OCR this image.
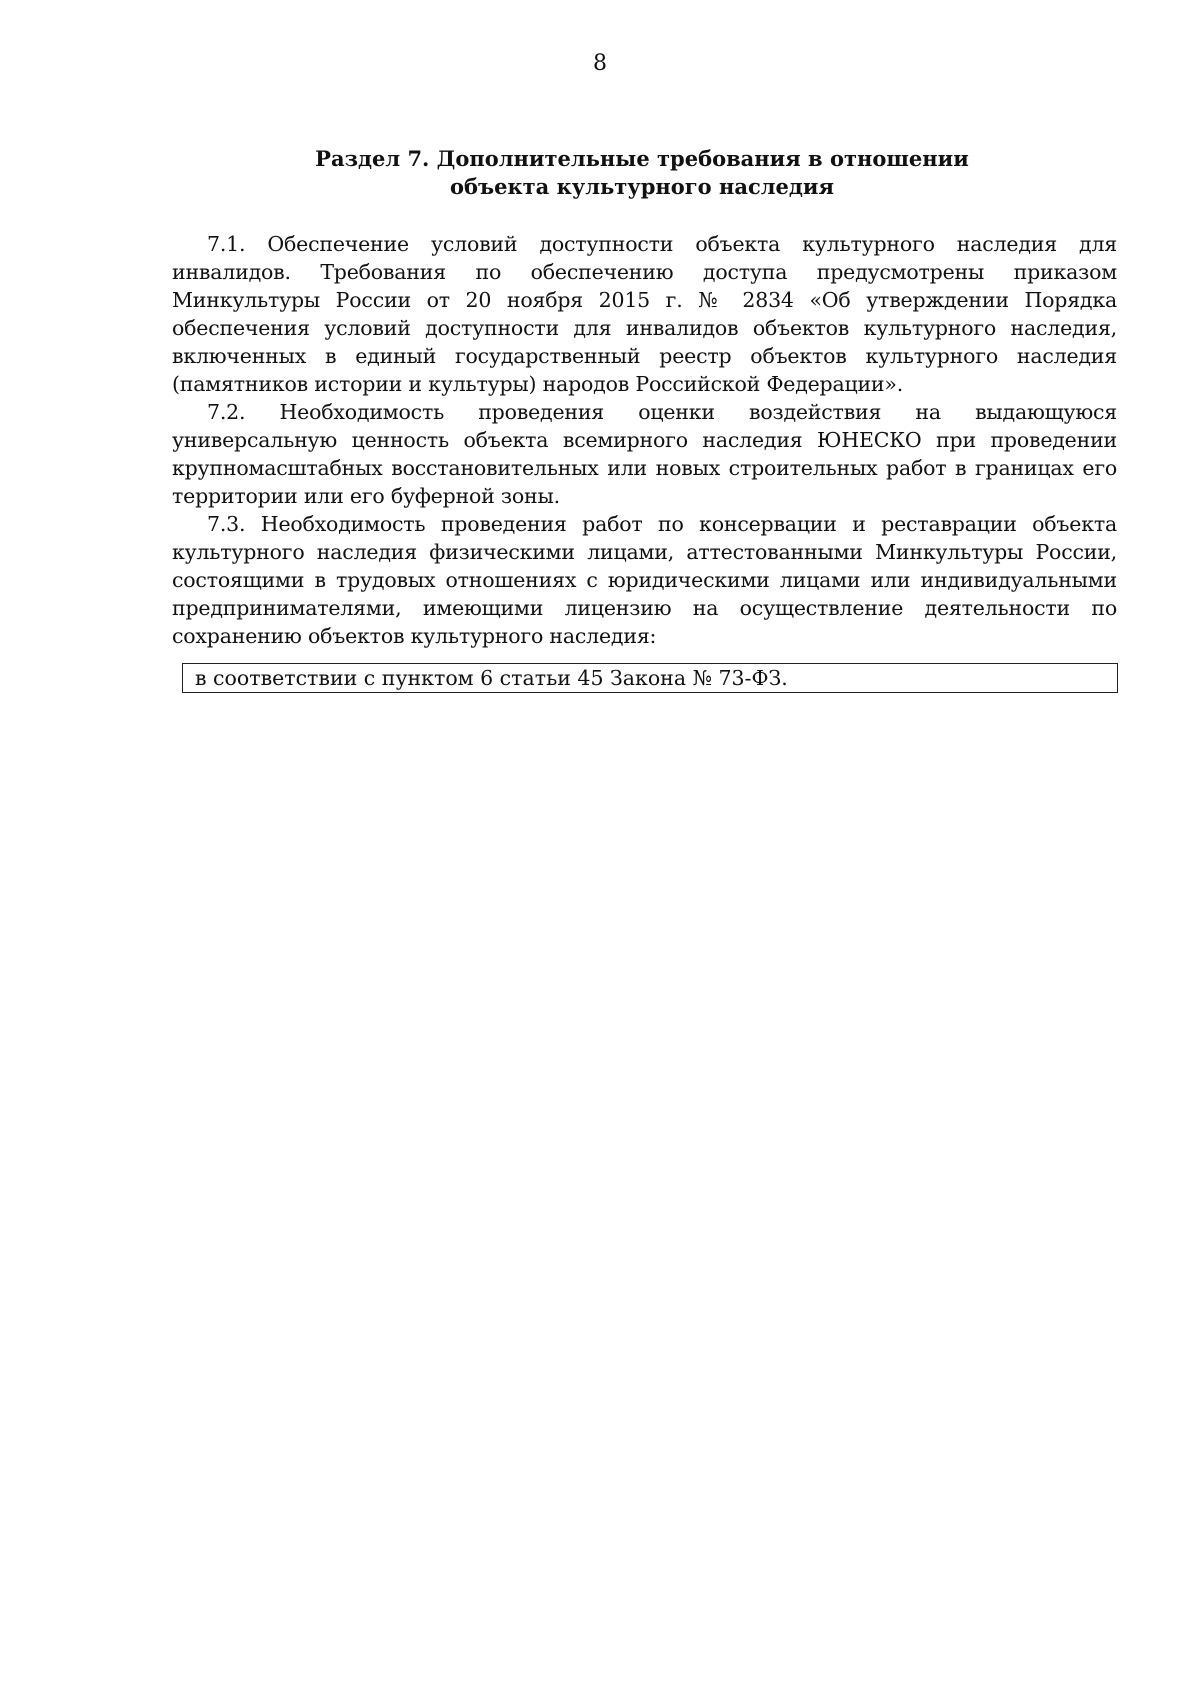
8
Раздел 7. Дополнительные требования в отношении
объекта культурного наследия

7.1. Обеспечение условий доступности объекта культурного наследия для инвалидов. Требования по обеспечению доступа предусмотрены приказом Минкультуры России от 20 ноября 2015 г. № 2834 «Об утверждении Порядка обеспечения условий доступности для инвалидов объектов культурного наследия, включенных в единый государственный реестр объектов культурного наследия (памятников истории и культуры) народов Российской Федерации».

7.2. Необходимость проведения оценки воздействия на выдающуюся универсальную ценность объекта всемирного наследия ЮНЕСКО при проведении крупномасштабных восстановительных или новых строительных работ в границах его территории или его буферной зоны.

7.3. Необходимость проведения работ по консервации и реставрации объекта культурного наследия физическими лицами, аттестованными Минкультуры России, состоящими в трудовых отношениях с юридическими лицами или индивидуальными предпринимателями, имеющими лицензию на осуществление деятельности по сохранению объектов культурного наследия:

в соответствии с пунктом 6 статьи 45 Закона № 73-ФЗ.
